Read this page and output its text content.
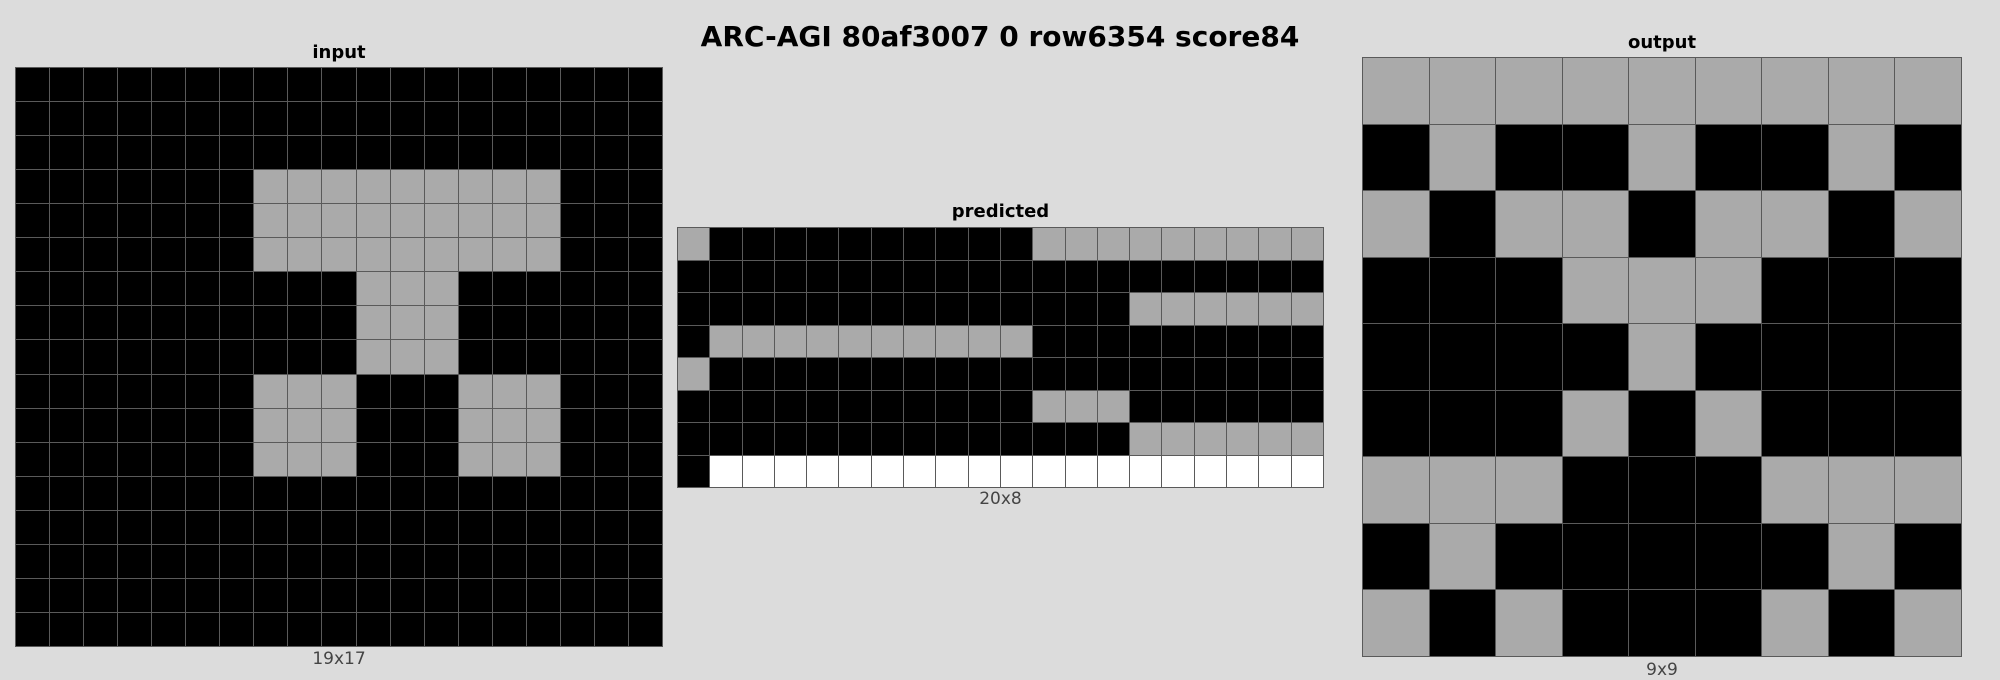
ARC-AGI 80af3007 0 row6354 score84
input
19x17
predicted
20x8
output
9x9
